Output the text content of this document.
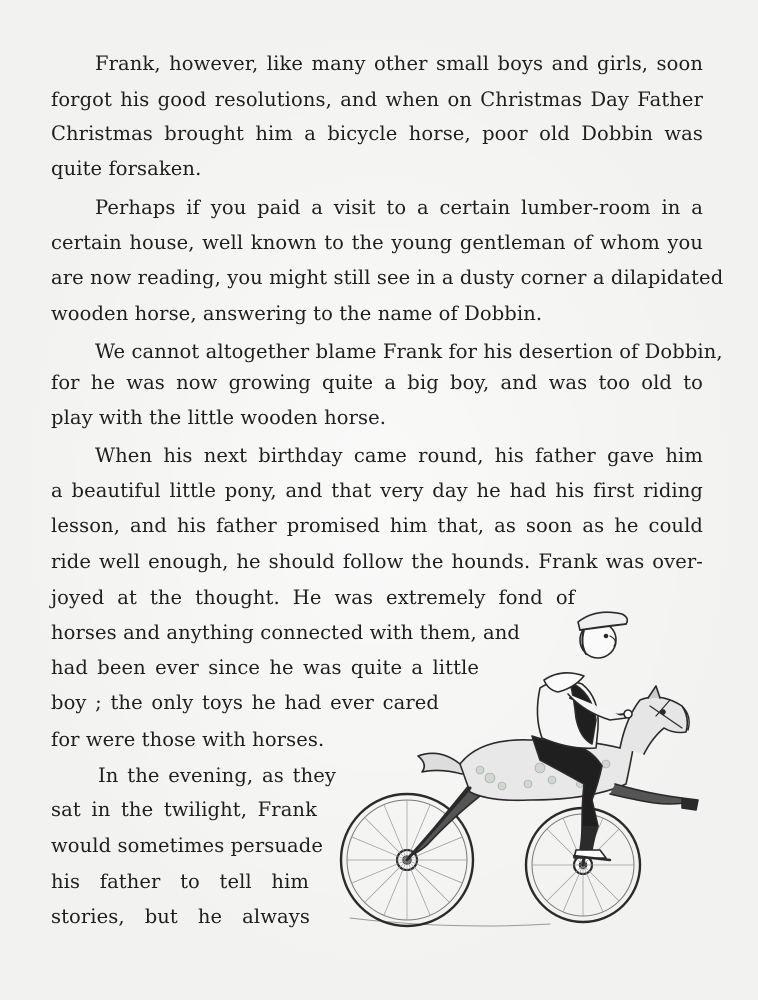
Frank, however, like many other small boys and girls, soon
forgot his good resolutions, and when on Christmas Day Father
Christmas brought him a bicycle horse, poor old Dobbin was
quite forsaken.
Perhaps if you paid a visit to a certain lumber-room in a
certain house, well known to the young gentleman of whom you
are now reading, you might still see in a dusty corner a dilapidated
wooden horse, answering to the name of Dobbin.
We cannot altogether blame Frank for his desertion of Dobbin,
for he was now growing quite a big boy, and was too old to
play with the little wooden horse.
When his next birthday came round, his father gave him
a beautiful little pony, and that very day he had his first riding
lesson, and his father promised him that, as soon as he could
ride well enough, he should follow the hounds. Frank was over-
joyed at the thought. He was extremely fond of
horses and anything connected with them, and
had been ever since he was quite a little
boy ; the only toys he had ever cared
for were those with horses.
In the evening, as they
sat in the twilight, Frank
would sometimes persuade
his father to tell him
stories, but he always
